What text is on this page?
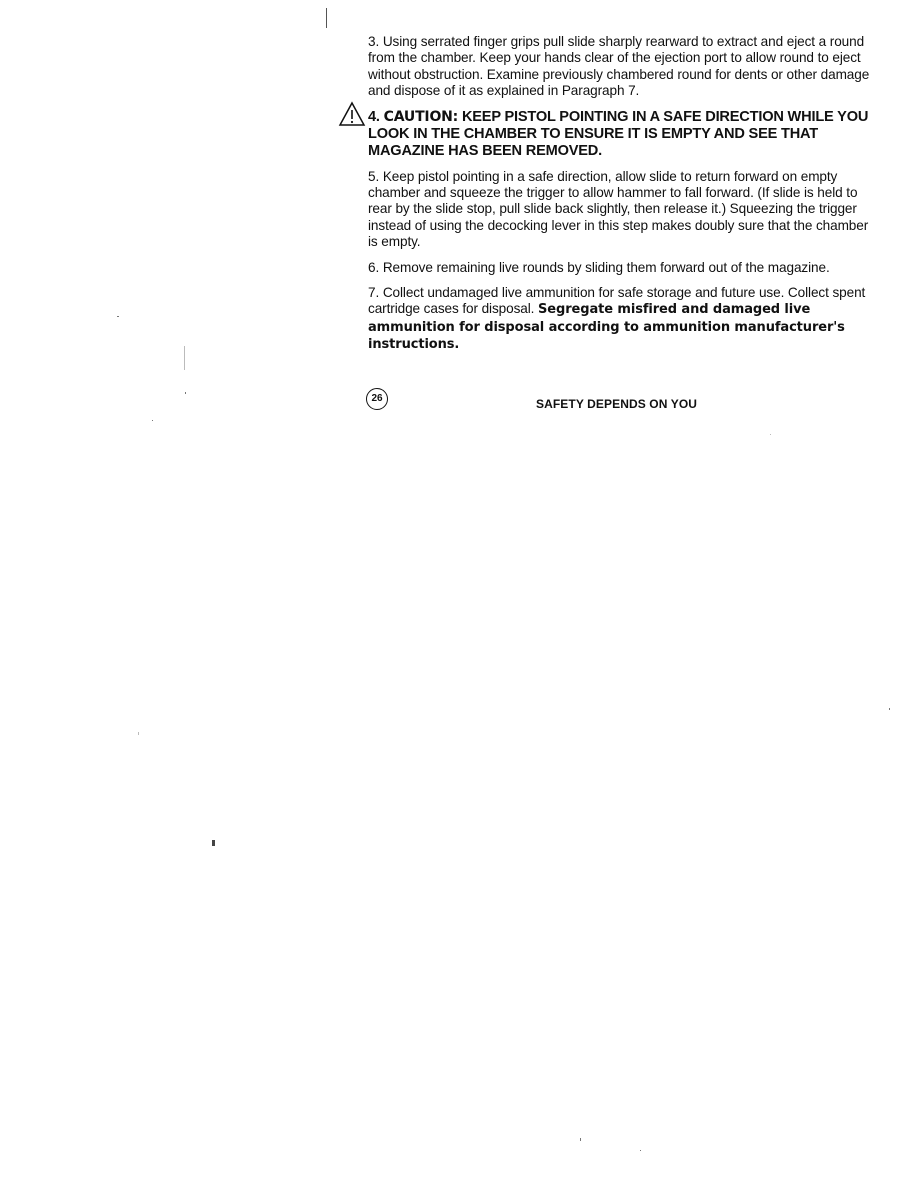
3. Using serrated finger grips pull slide sharply rearward to extract and eject a round from the chamber. Keep your hands clear of the ejection port to allow round to eject without obstruction. Examine previously chambered round for dents or other damage and dispose of it as explained in Paragraph 7.

4. CAUTION: KEEP PISTOL POINTING IN A SAFE DIRECTION WHILE YOU LOOK IN THE CHAMBER TO ENSURE IT IS EMPTY AND SEE THAT MAGAZINE HAS BEEN REMOVED.

5. Keep pistol pointing in a safe direction, allow slide to return forward on empty chamber and squeeze the trigger to allow hammer to fall forward. (If slide is held to rear by the slide stop, pull slide back slightly, then release it.) Squeezing the trigger instead of using the decocking lever in this step makes doubly sure that the chamber is empty.

6. Remove remaining live rounds by sliding them forward out of the magazine.

7. Collect undamaged live ammunition for safe storage and future use. Collect spent cartridge cases for disposal. Segregate misfired and damaged live ammunition for disposal according to ammunition manufacturer's instructions.

26	SAFETY DEPENDS ON YOU
